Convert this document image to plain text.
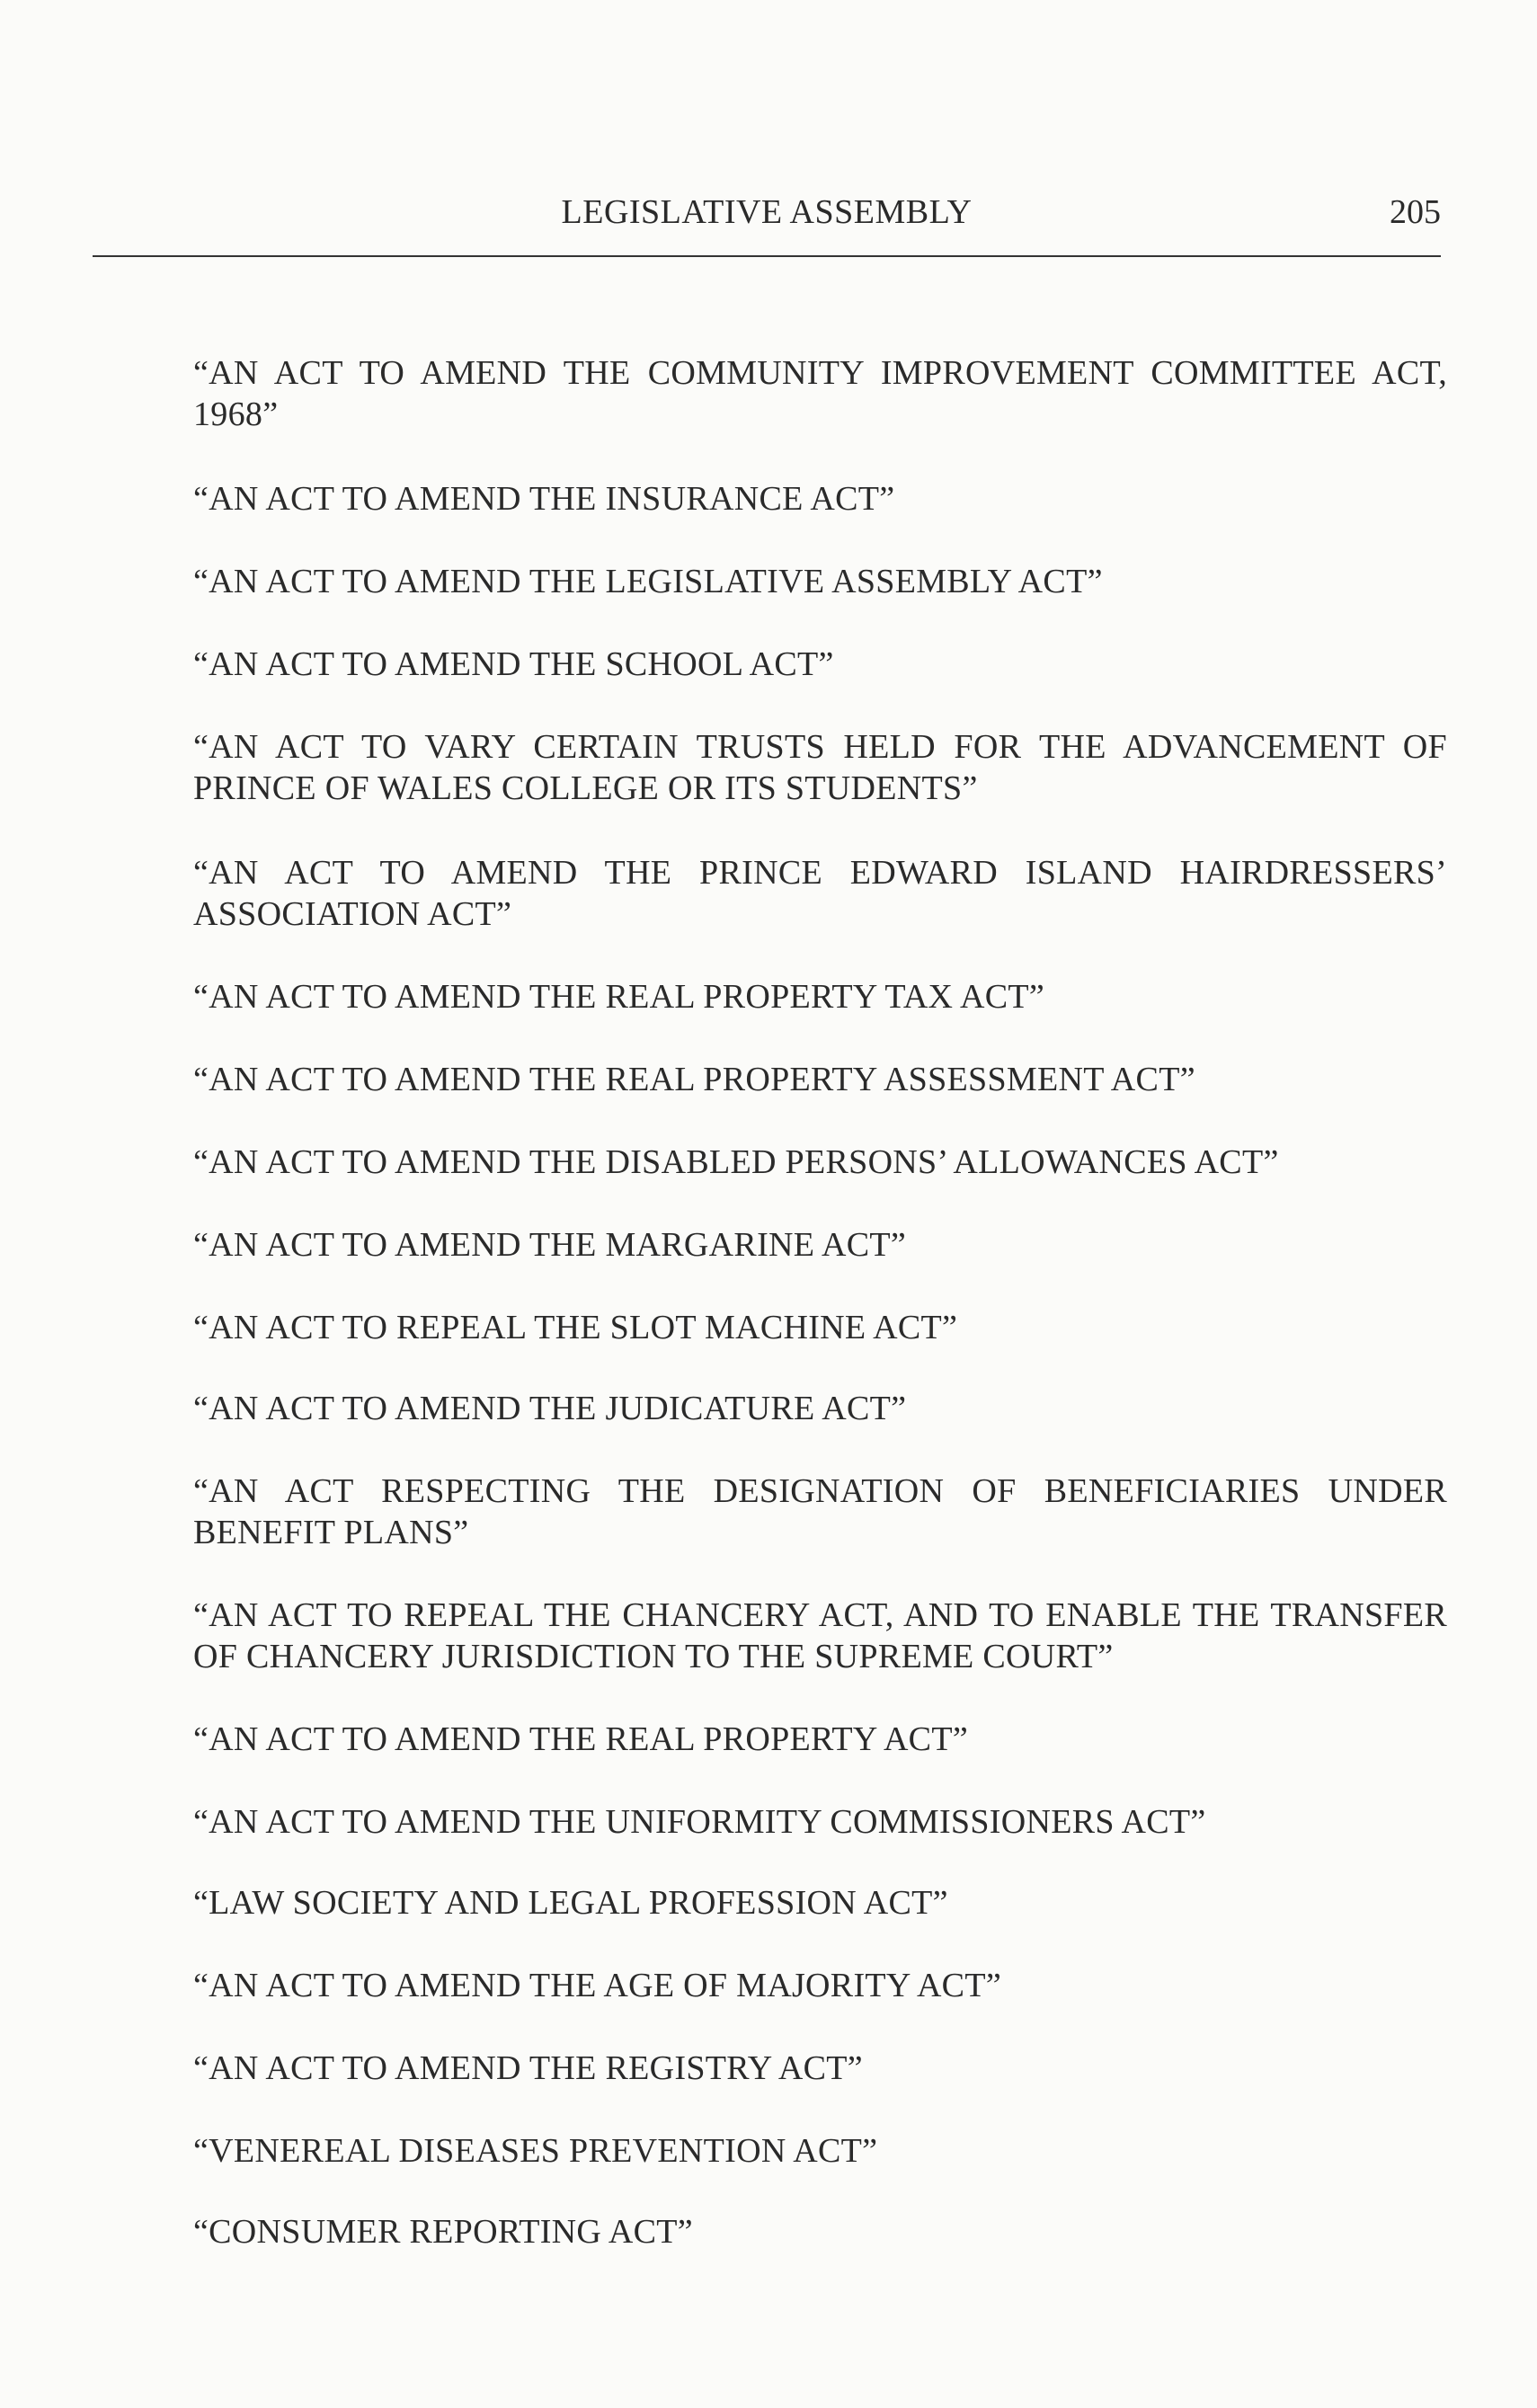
LEGISLATIVE ASSEMBLY	205
“AN ACT TO AMEND THE COMMUNITY IMPROVEMENT COMMITTEE ACT, 1968”
“AN ACT TO AMEND THE INSURANCE ACT”
“AN ACT TO AMEND THE LEGISLATIVE ASSEMBLY ACT”
“AN ACT TO AMEND THE SCHOOL ACT”
“AN ACT TO VARY CERTAIN TRUSTS HELD FOR THE ADVANCEMENT OF PRINCE OF WALES COLLEGE OR ITS STUDENTS”
“AN ACT TO AMEND THE PRINCE EDWARD ISLAND HAIRDRESSERS’ ASSOCIATION ACT”
“AN ACT TO AMEND THE REAL PROPERTY TAX ACT”
“AN ACT TO AMEND THE REAL PROPERTY ASSESSMENT ACT”
“AN ACT TO AMEND THE DISABLED PERSONS’ ALLOWANCES ACT”
“AN ACT TO AMEND THE MARGARINE ACT”
“AN ACT TO REPEAL THE SLOT MACHINE ACT”
“AN ACT TO AMEND THE JUDICATURE ACT”
“AN ACT RESPECTING THE DESIGNATION OF BENEFICIARIES UNDER BENEFIT PLANS”
“AN ACT TO REPEAL THE CHANCERY ACT, AND TO ENABLE THE TRANSFER OF CHANCERY JURISDICTION TO THE SUPREME COURT”
“AN ACT TO AMEND THE REAL PROPERTY ACT”
“AN ACT TO AMEND THE UNIFORMITY COMMISSIONERS ACT”
“LAW SOCIETY AND LEGAL PROFESSION ACT”
“AN ACT TO AMEND THE AGE OF MAJORITY ACT”
“AN ACT TO AMEND THE REGISTRY ACT”
“VENEREAL DISEASES PREVENTION ACT”
“CONSUMER REPORTING ACT”
